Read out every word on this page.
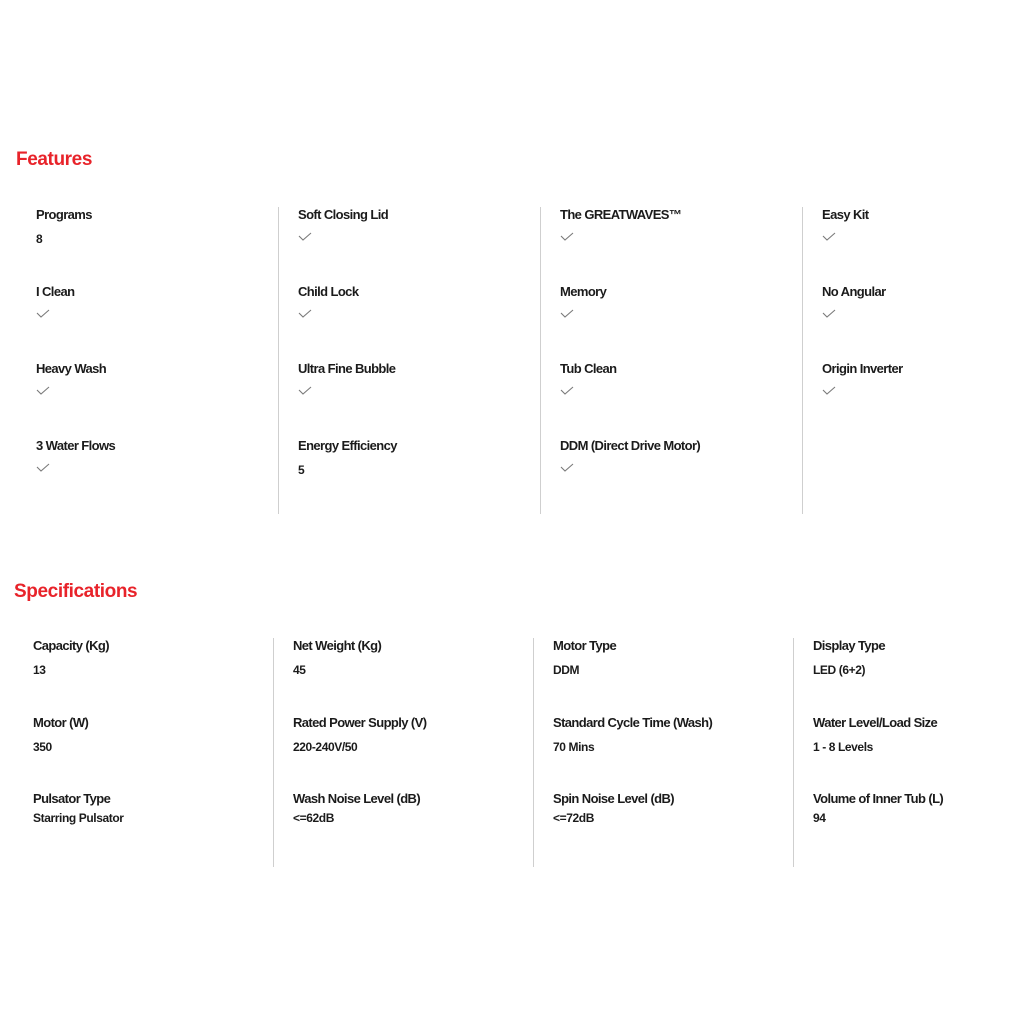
Features
Programs
8
I Clean
Heavy Wash
3 Water Flows
Soft Closing Lid
Child Lock
Ultra Fine Bubble
Energy Efficiency
5
The GREATWAVES™
Memory
Tub Clean
DDM (Direct Drive Motor)
Easy Kit
No Angular
Origin Inverter
Specifications
Capacity (Kg)
13
Motor (W)
350
Pulsator Type
Starring Pulsator
Net Weight (Kg)
45
Rated Power Supply (V)
220-240V/50
Wash Noise Level (dB)
<=62dB
Motor Type
DDM
Standard Cycle Time (Wash)
70 Mins
Spin Noise Level (dB)
<=72dB
Display Type
LED (6+2)
Water Level/Load Size
1 - 8 Levels
Volume of Inner Tub (L)
94
